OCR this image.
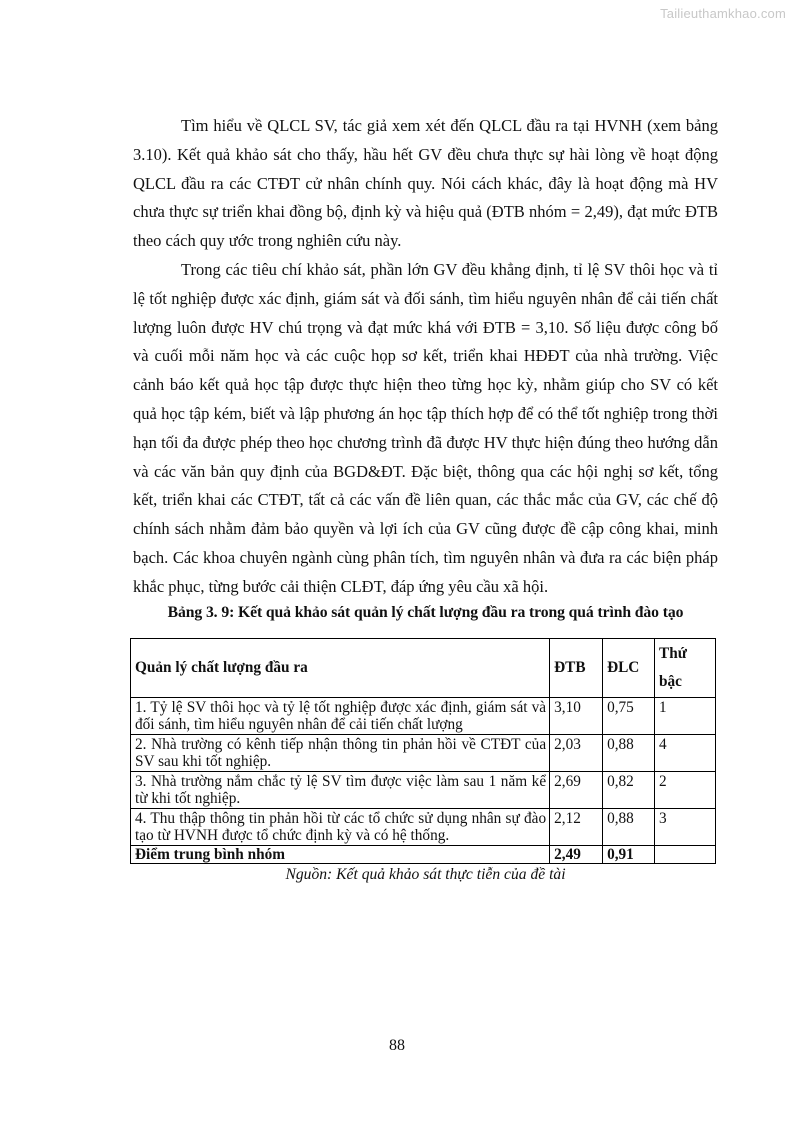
Tailieuthamkhao.com

Tìm hiểu về QLCL SV, tác giả xem xét đến QLCL đầu ra tại HVNH (xem bảng 3.10). Kết quả khảo sát cho thấy, hầu hết GV đều chưa thực sự hài lòng về hoạt động QLCL đầu ra các CTĐT cử nhân chính quy. Nói cách khác, đây là hoạt động mà HV chưa thực sự triển khai đồng bộ, định kỳ và hiệu quả (ĐTB nhóm = 2,49), đạt mức ĐTB theo cách quy ước trong nghiên cứu này.

Trong các tiêu chí khảo sát, phần lớn GV đều khẳng định, tỉ lệ SV thôi học và tỉ lệ tốt nghiệp được xác định, giám sát và đối sánh, tìm hiểu nguyên nhân để cải tiến chất lượng luôn được HV chú trọng và đạt mức khá với ĐTB = 3,10. Số liệu được công bố và cuối mỗi năm học và các cuộc họp sơ kết, triển khai HĐĐT của nhà trường. Việc cảnh báo kết quả học tập được thực hiện theo từng học kỳ, nhằm giúp cho SV có kết quả học tập kém, biết và lập phương án học tập thích hợp để có thể tốt nghiệp trong thời hạn tối đa được phép theo học chương trình đã được HV thực hiện đúng theo hướng dẫn và các văn bản quy định của BGD&ĐT. Đặc biệt, thông qua các hội nghị sơ kết, tổng kết, triển khai các CTĐT, tất cả các vấn đề liên quan, các thắc mắc của GV, các chế độ chính sách nhằm đảm bảo quyền và lợi ích của GV cũng được đề cập công khai, minh bạch. Các khoa chuyên ngành cùng phân tích, tìm nguyên nhân và đưa ra các biện pháp khắc phục, từng bước cải thiện CLĐT, đáp ứng yêu cầu xã hội.

Bảng 3. 9: Kết quả khảo sát quản lý chất lượng đầu ra trong quá trình đào tạo
Quản lý chất lượng đầu ra	ĐTB	ĐLC	Thứ bậc
1. Tỷ lệ SV thôi học và tỷ lệ tốt nghiệp được xác định, giám sát và đối sánh, tìm hiểu nguyên nhân để cải tiến chất lượng	3,10	0,75	1
2. Nhà trường có kênh tiếp nhận thông tin phản hồi về CTĐT của SV sau khi tốt nghiệp.	2,03	0,88	4
3. Nhà trường nắm chắc tỷ lệ SV tìm được việc làm sau 1 năm kể từ khi tốt nghiệp.	2,69	0,82	2
4. Thu thập thông tin phản hồi từ các tổ chức sử dụng nhân sự đào tạo từ HVNH được tổ chức định kỳ và có hệ thống.	2,12	0,88	3
Điểm trung bình nhóm	2,49	0,91	
Nguồn: Kết quả khảo sát thực tiễn của đề tài
88
